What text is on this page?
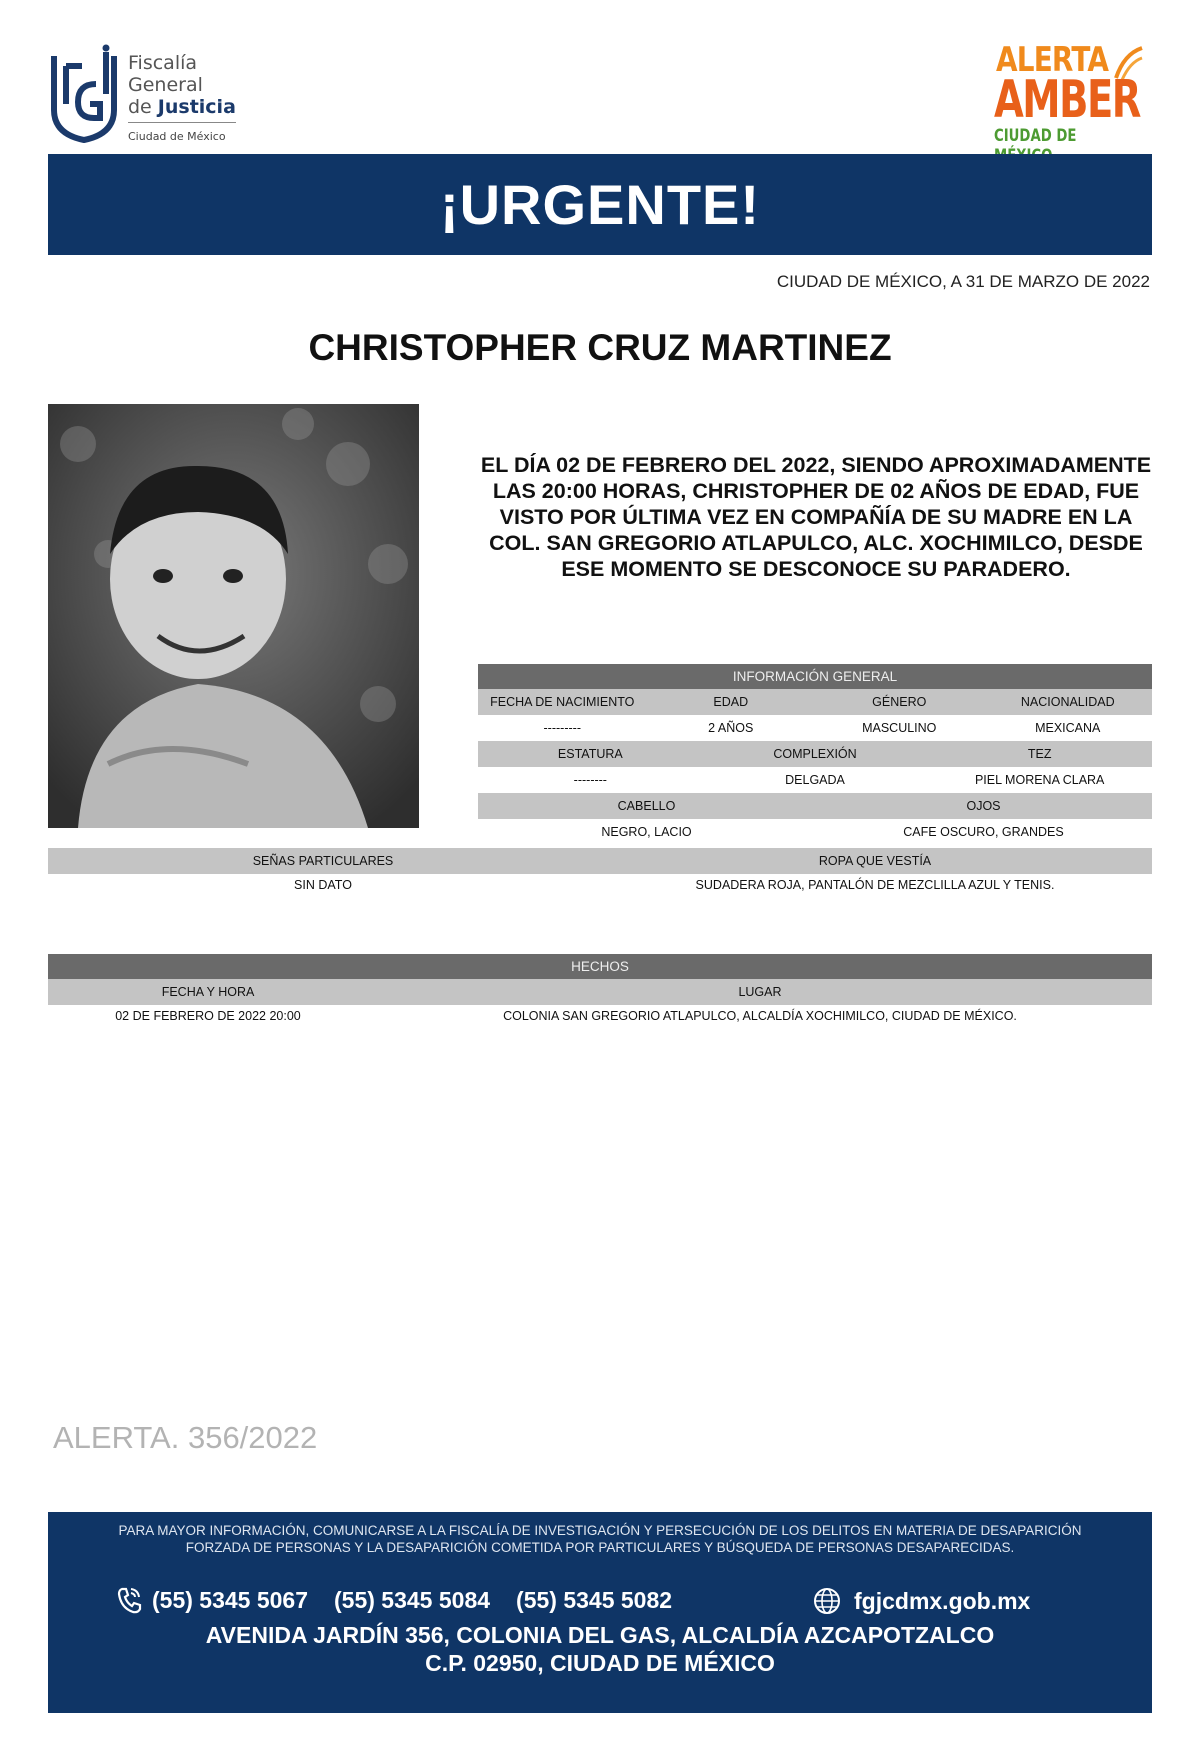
Fiscalía
General
de Justicia
Ciudad de México
ALERTA
AMBER
CIUDAD DE
¡URGENTE!
CIUDAD DE MÉXICO, A 31 DE MARZO DE 2022
CHRISTOPHER CRUZ MARTINEZ
EL DÍA 02 DE FEBRERO DEL 2022, SIENDO APROXIMADAMENTE LAS 20:00 HORAS, CHRISTOPHER DE 02 AÑOS DE EDAD, FUE VISTO POR ÚLTIMA VEZ EN COMPAÑÍA DE SU MADRE EN LA COL. SAN GREGORIO ATLAPULCO, ALC. XOCHIMILCO, DESDE ESE MOMENTO SE DESCONOCE SU PARADERO.
INFORMACIÓN GENERAL
FECHA DE NACIMIENTO	EDAD	GÉNERO	NACIONALIDAD
---------	2 AÑOS	MASCULINO	MEXICANA
ESTATURA	COMPLEXIÓN	TEZ
--------	DELGADA	PIEL MORENA CLARA
CABELLO	OJOS
NEGRO, LACIO	CAFE OSCURO, GRANDES
SEÑAS PARTICULARES	ROPA QUE VESTÍA
SIN DATO	SUDADERA ROJA, PANTALÓN DE MEZCLILLA AZUL Y TENIS.
HECHOS
FECHA Y HORA	LUGAR
02 DE FEBRERO DE 2022 20:00	COLONIA SAN GREGORIO ATLAPULCO, ALCALDÍA XOCHIMILCO, CIUDAD DE MÉXICO.
ALERTA. 356/2022
PARA MAYOR INFORMACIÓN, COMUNICARSE A LA FISCALÍA DE INVESTIGACIÓN Y PERSECUCIÓN DE LOS DELITOS EN MATERIA DE DESAPARICIÓN
FORZADA DE PERSONAS Y LA DESAPARICIÓN COMETIDA POR PARTICULARES Y BÚSQUEDA DE PERSONAS DESAPARECIDAS.
(55) 5345 5067 (55) 5345 5084 (55) 5345 5082	fgjcdmx.gob.mx
AVENIDA JARDÍN 356, COLONIA DEL GAS, ALCALDÍA AZCAPOTZALCO
C.P. 02950, CIUDAD DE MÉXICO
